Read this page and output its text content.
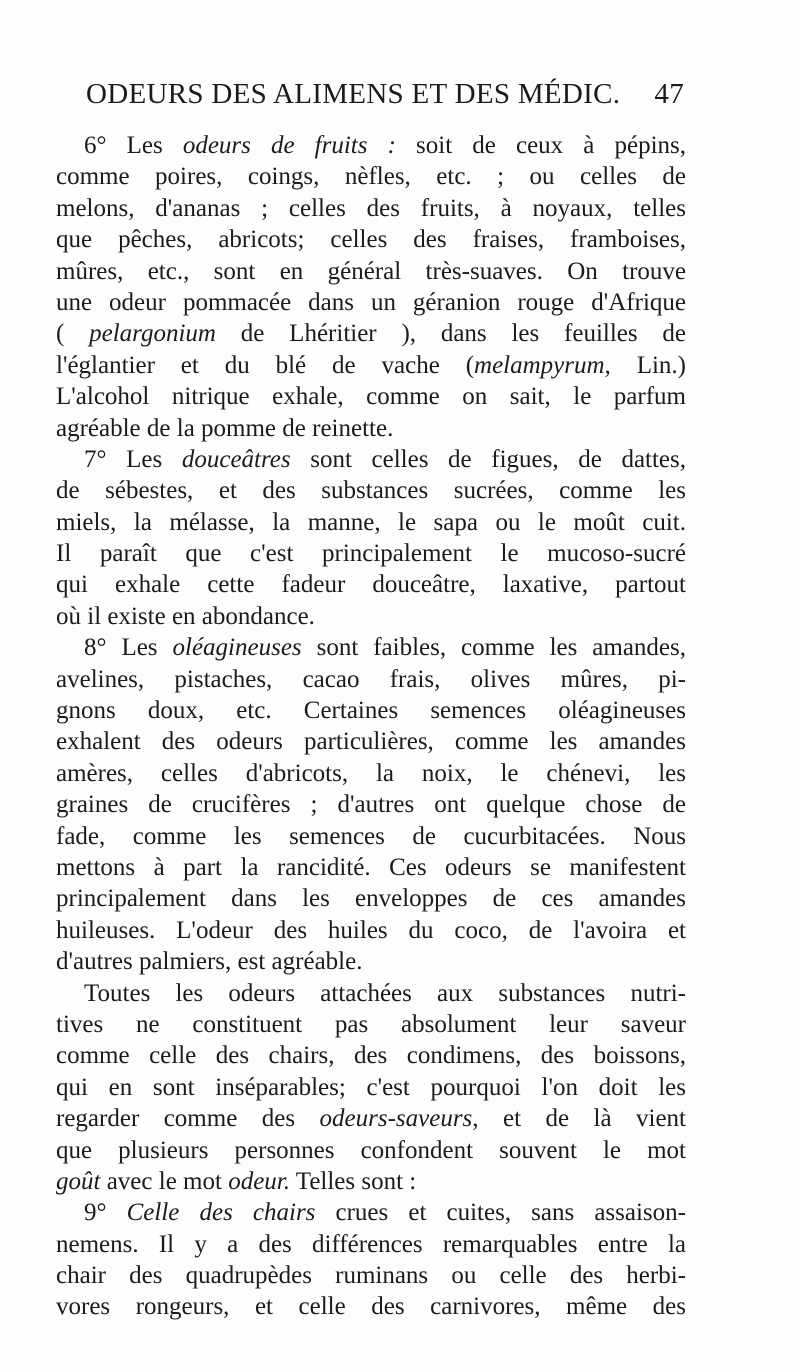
ODEURS DES ALIMENS ET DES MÉDIC. 47
6° Les odeurs de fruits : soit de ceux à pépins,
comme poires, coings, nèfles, etc. ; ou celles de
melons, d'ananas ; celles des fruits, à noyaux, telles
que pêches, abricots; celles des fraises, framboises,
mûres, etc., sont en général très-suaves. On trouve
une odeur pommacée dans un géranion rouge d'Afrique
( pelargonium de Lhéritier ), dans les feuilles de
l'églantier et du blé de vache (melampyrum, Lin.)
L'alcohol nitrique exhale, comme on sait, le parfum
agréable de la pomme de reinette.
7° Les douceâtres sont celles de figues, de dattes,
de sébestes, et des substances sucrées, comme les
miels, la mélasse, la manne, le sapa ou le moût cuit.
Il paraît que c'est principalement le mucoso-sucré
qui exhale cette fadeur douceâtre, laxative, partout
où il existe en abondance.
8° Les oléagineuses sont faibles, comme les amandes,
avelines, pistaches, cacao frais, olives mûres, pi-
gnons doux, etc. Certaines semences oléagineuses
exhalent des odeurs particulières, comme les amandes
amères, celles d'abricots, la noix, le chénevi, les
graines de crucifères ; d'autres ont quelque chose de
fade, comme les semences de cucurbitacées. Nous
mettons à part la rancidité. Ces odeurs se manifestent
principalement dans les enveloppes de ces amandes
huileuses. L'odeur des huiles du coco, de l'avoira et
d'autres palmiers, est agréable.
Toutes les odeurs attachées aux substances nutri-
tives ne constituent pas absolument leur saveur
comme celle des chairs, des condimens, des boissons,
qui en sont inséparables; c'est pourquoi l'on doit les
regarder comme des odeurs-saveurs, et de là vient
que plusieurs personnes confondent souvent le mot
goût avec le mot odeur. Telles sont :
9° Celle des chairs crues et cuites, sans assaison-
nemens. Il y a des différences remarquables entre la
chair des quadrupèdes ruminans ou celle des herbi-
vores rongeurs, et celle des carnivores, même des
